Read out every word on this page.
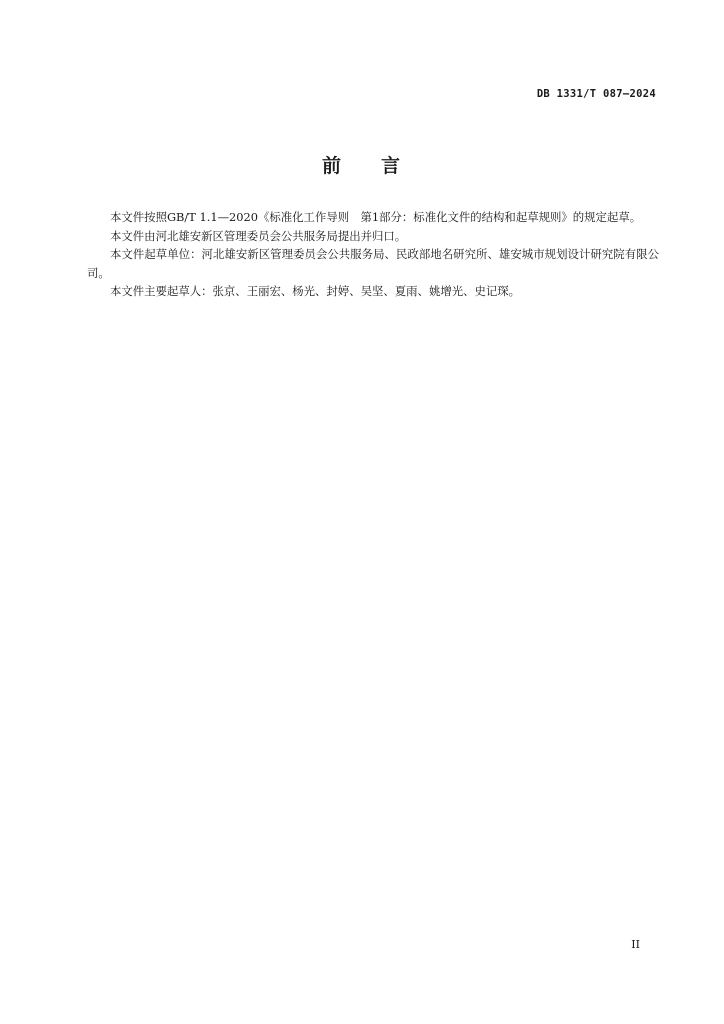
DB 1331/T 087—2024
前 言

本文件按照GB/T 1.1—2020《标准化工作导则　第1部分：标准化文件的结构和起草规则》的规定起草。

本文件由河北雄安新区管理委员会公共服务局提出并归口。

本文件起草单位：河北雄安新区管理委员会公共服务局、民政部地名研究所、雄安城市规划设计研究院有限公司。

本文件主要起草人：张京、王丽宏、杨光、封婷、吴坚、夏雨、姚增光、史记琛。

II
